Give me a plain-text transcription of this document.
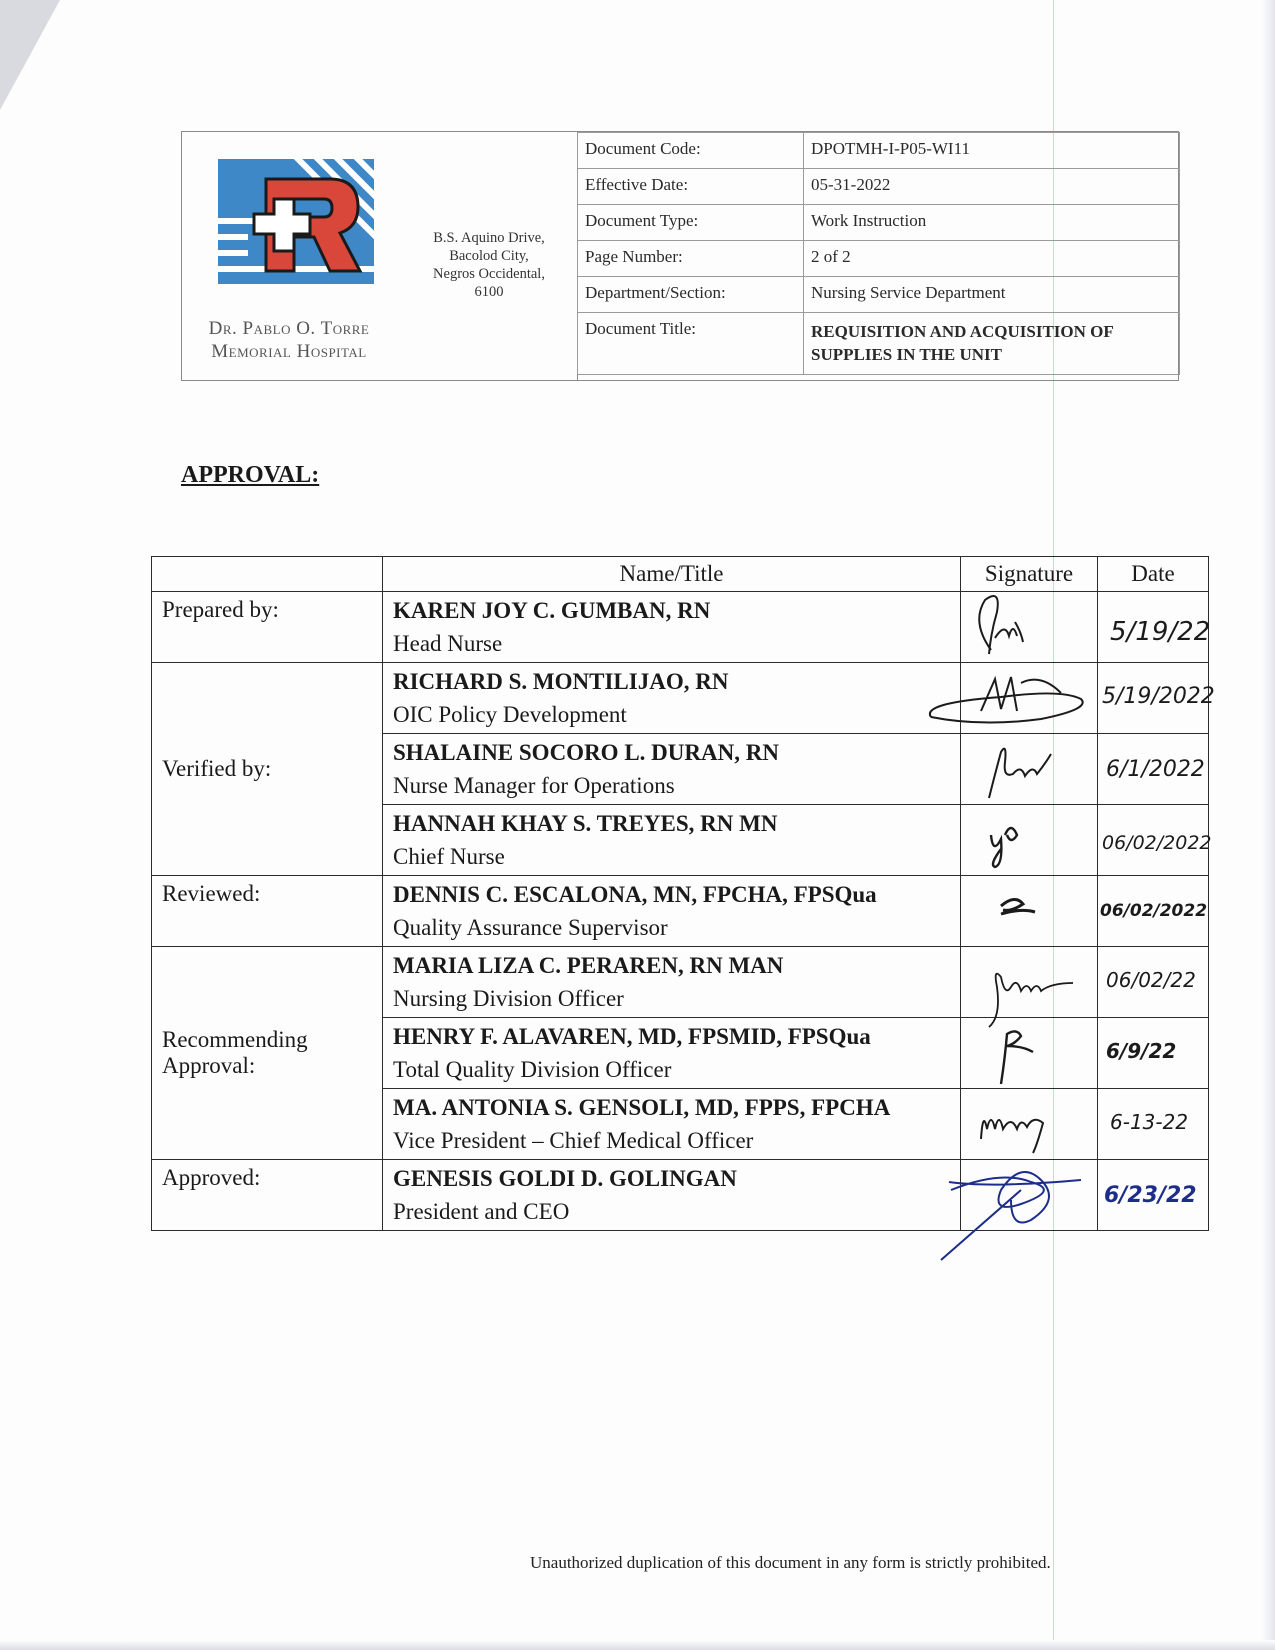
Dr. Pablo O. Torre
Memorial Hospital
B.S. Aquino Drive,
Bacolod City,
Negros Occidental,
6100
Document Code:	DPOTMH-I-P05-WI11
Effective Date:	05-31-2022
Document Type:	Work Instruction
Page Number:	2 of 2
Department/Section:	Nursing Service Department
Document Title:	REQUISITION AND ACQUISITION OF SUPPLIES IN THE UNIT
APPROVAL:
	Name/Title	Signature	Date
Prepared by:	KAREN JOY C. GUMBAN, RN
Head Nurse		5/19/22

Verified by:	RICHARD S. MONTILIJAO, RN
OIC Policy Development		5/19/2022

	SHALAINE SOCORO L. DURAN, RN
Nurse Manager for Operations		6/1/2022

	HANNAH KHAY S. TREYES, RN MN
Chief Nurse		06/02/2022

Reviewed:	DENNIS C. ESCALONA, MN, FPCHA, FPSQua
Quality Assurance Supervisor		06/02/2022

Recommending
Approval:	MARIA LIZA C. PERAREN, RN MAN
Nursing Division Officer		06/02/22

	HENRY F. ALAVAREN, MD, FPSMID, FPSQua
Total Quality Division Officer		6/9/22

	MA. ANTONIA S. GENSOLI, MD, FPPS, FPCHA
Vice President – Chief Medical Officer		6-13-22

Approved:	GENESIS GOLDI D. GOLINGAN
President and CEO		6/23/22
Unauthorized duplication of this document in any form is strictly prohibited.
